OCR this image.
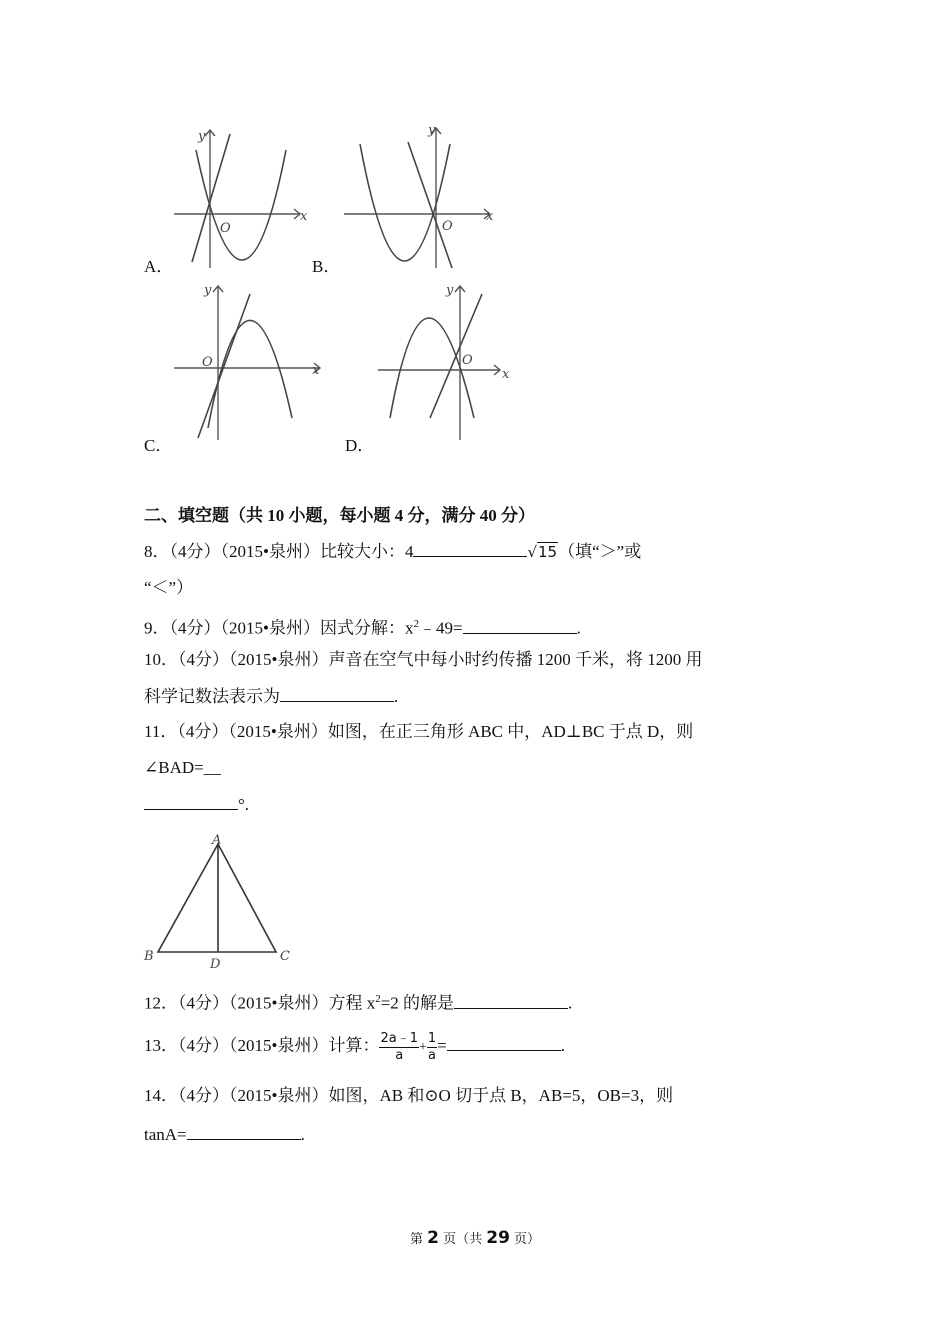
y
x
O
A．
y
x
O
B．
y
x
O
C．
y
x
O
D．
二、填空题（共 10 小题，每小题 4 分，满分 40 分）
8．（4分）（2015•泉州）比较大小：4	√15（填“＞”或
“＜”）
9．（4分）（2015•泉州）因式分解：$x^2﹣49=$	.
10．（4分）（2015•泉州）声音在空气中每小时约传播 1200 千米，将 1200 用
科学记数法表示为	.
11．（4分）（2015•泉州）如图，在正三角形 ABC 中，AD⊥BC 于点 D，则
∠BAD=__
°.
A
B	C
D
12．（4分）（2015•泉州）方程 $x^2=2$ 的解是	.
13．（4分）（2015•泉州）计算： $\frac{2a﹣1}{a} + \frac{1}{a}$ =	.
14．（4分）（2015•泉州）如图，AB 和⊙O 切于点 B，AB=5，OB=3，则
tanA=	.
第 2 页（共 29 页）
